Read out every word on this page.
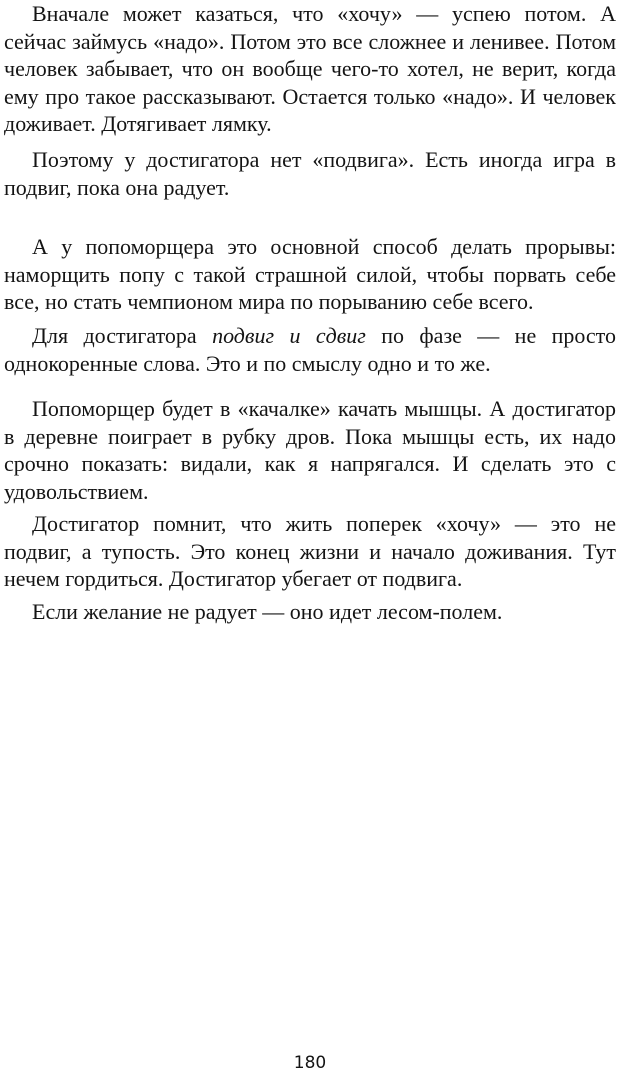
Вначале может казаться, что «хочу» — успею потом. А сейчас займусь «надо». Потом это все сложнее и ленивее. Потом человек забывает, что он вообще чего-то хотел, не верит, когда ему про такое рассказывают. Остается только «надо». И человек доживает. Дотягивает лямку.

Поэтому у достигатора нет «подвига». Есть иногда игра в подвиг, пока она радует.

А у попоморщера это основной способ делать прорывы: наморщить попу с такой страшной силой, чтобы порвать себе все, но стать чемпионом мира по порыванию себе всего.

Для достигатора подвиг и сдвиг по фазе — не просто однокоренные слова. Это и по смыслу одно и то же.

Попоморщер будет в «качалке» качать мышцы. А достигатор в деревне поиграет в рубку дров. Пока мышцы есть, их надо срочно показать: видали, как я напрягался. И сделать это с удовольствием.

Достигатор помнит, что жить поперек «хочу» — это не подвиг, а тупость. Это конец жизни и начало доживания. Тут нечем гордиться. Достигатор убегает от подвига.

Если желание не радует — оно идет лесом-полем.

180
